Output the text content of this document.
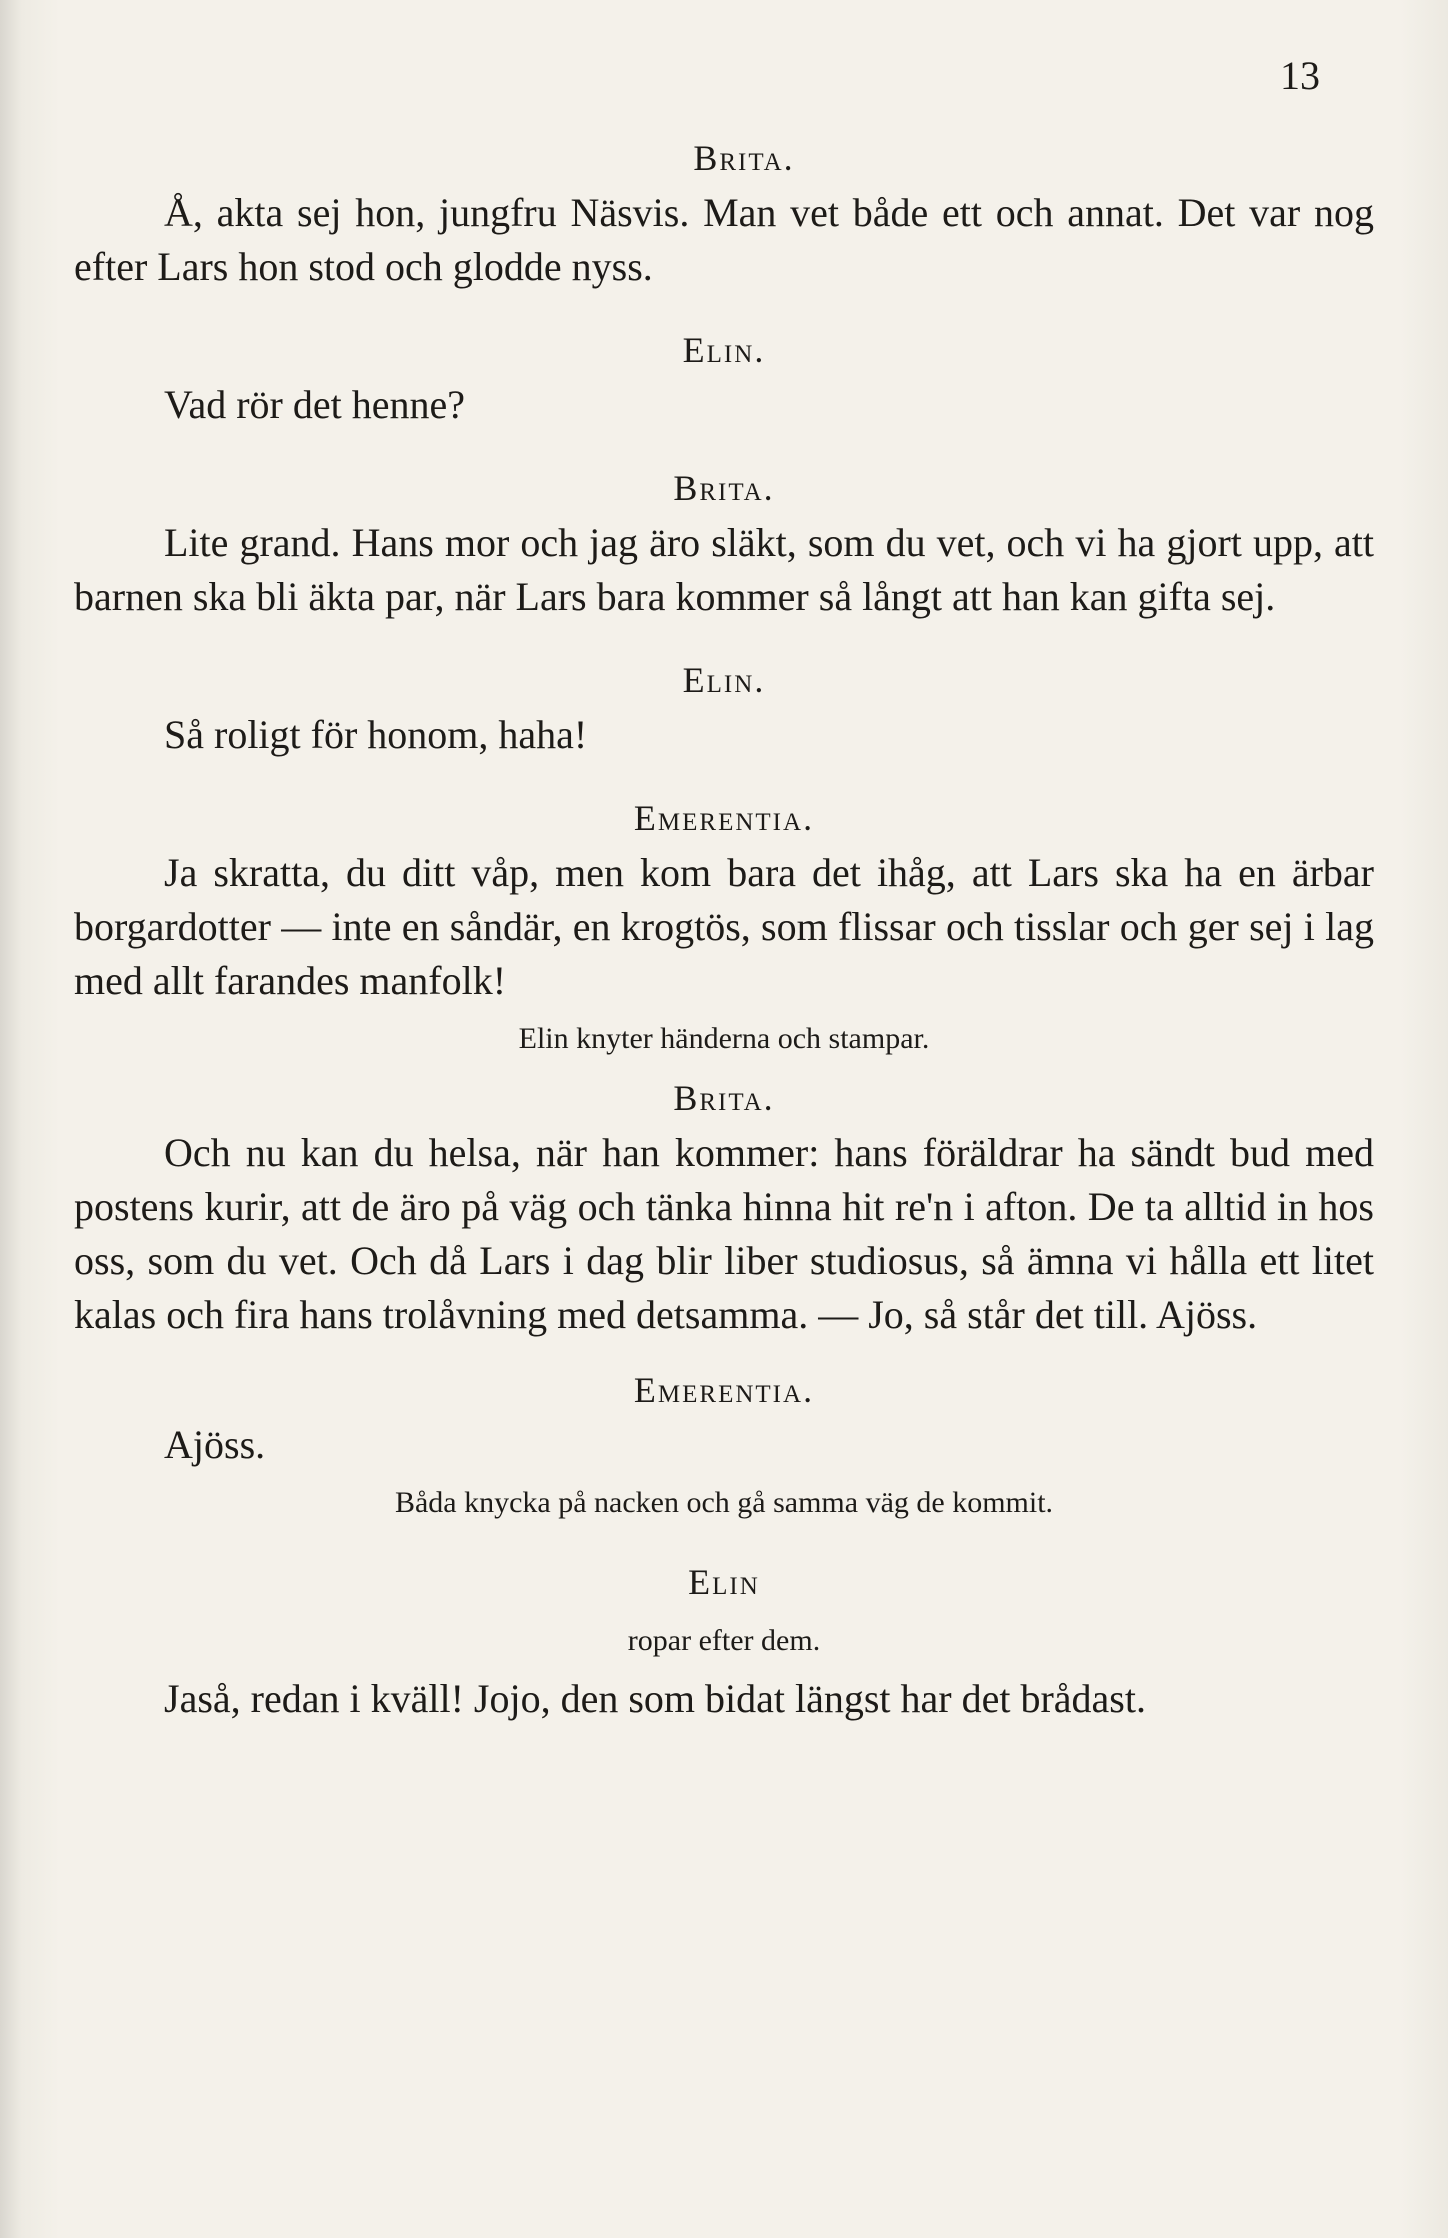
13

Brita.

Å, akta sej hon, jungfru Näsvis. Man vet både ett och annat. Det var nog efter Lars hon stod och glodde nyss.

Elin.

Vad rör det henne?

Brita.

Lite grand. Hans mor och jag äro släkt, som du vet, och vi ha gjort upp, att barnen ska bli äkta par, när Lars bara kommer så långt att han kan gifta sej.

Elin.

Så roligt för honom, haha!

Emerentia.

Ja skratta, du ditt våp, men kom bara det ihåg, att Lars ska ha en ärbar borgardotter — inte en såndär, en krogtös, som flissar och tisslar och ger sej i lag med allt farandes manfolk!

Elin knyter händerna och stampar.

Brita.

Och nu kan du helsa, när han kommer: hans föräldrar ha sändt bud med postens kurir, att de äro på väg och tänka hinna hit re'n i afton. De ta alltid in hos oss, som du vet. Och då Lars i dag blir liber studiosus, så ämna vi hålla ett litet kalas och fira hans trolåvning med detsamma. — Jo, så står det till. Ajöss.

Emerentia.

Ajöss.

Båda knycka på nacken och gå samma väg de kommit.

Elin

ropar efter dem.

Jaså, redan i kväll! Jojo, den som bidat längst har det brådast.
